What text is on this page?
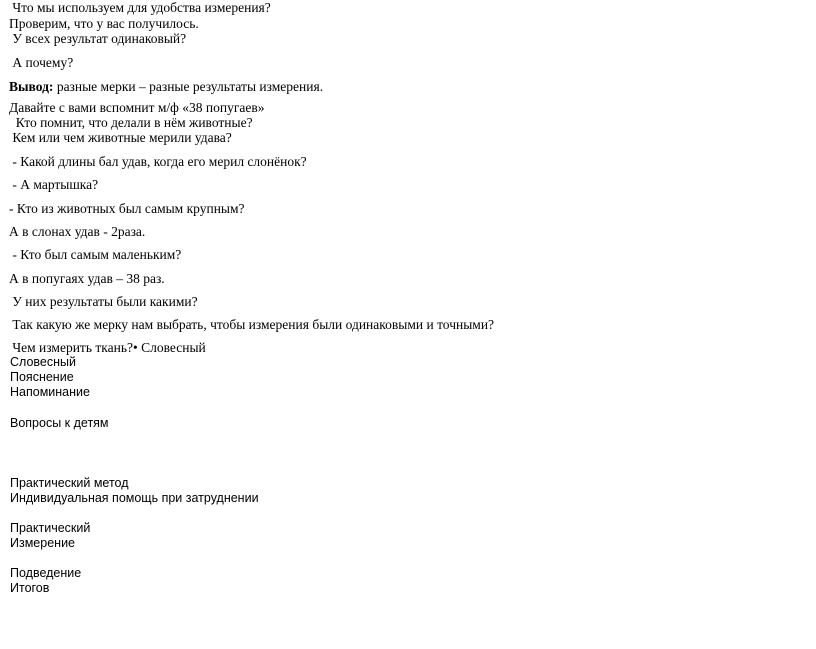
Что мы используем для удобства измерения?
Проверим, что у вас получилось.
У всех результат одинаковый?
А почему?
Вывод: разные мерки – разные результаты измерения.
Давайте с вами вспомнит м/ф «38 попугаев»
Кто помнит, что делали в нём животные?
Кем или чем животные мерили удава?
- Какой длины бал удав, когда его мерил слонёнок?
- А мартышка?
- Кто из животных был самым крупным?
А в слонах удав - 2раза.
- Кто был самым маленьким?
А в попугаях удав – 38 раз.
У них результаты были какими?
Так какую же мерку нам выбрать, чтобы измерения были одинаковыми и точными?
Чем измерить ткань?• Словесный
Словесный
Пояснение
Напоминание
Вопросы к детям
Практический метод
Индивидуальная помощь при затруднении
Практический
Измерение
Подведение
Итогов
